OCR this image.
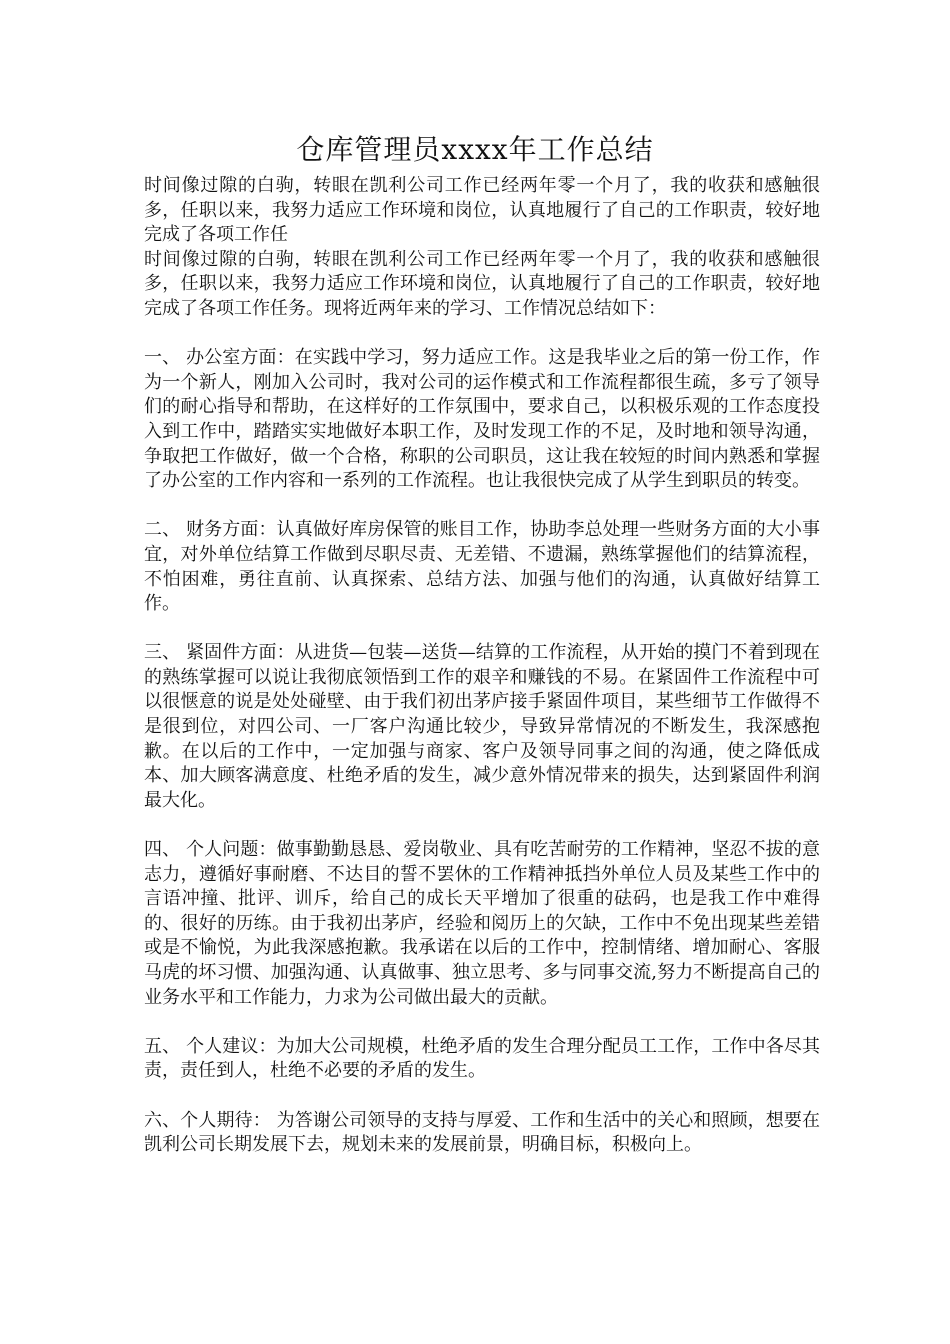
仓库管理员xxxx年工作总结

时间像过隙的白驹，转眼在凯利公司工作已经两年零一个月了，我的收获和感触很多，任职以来，我努力适应工作环境和岗位，认真地履行了自己的工作职责，较好地完成了各项工作任

时间像过隙的白驹，转眼在凯利公司工作已经两年零一个月了，我的收获和感触很多，任职以来，我努力适应工作环境和岗位，认真地履行了自己的工作职责，较好地完成了各项工作任务。现将近两年来的学习、工作情况总结如下：

一、 办公室方面：在实践中学习，努力适应工作。这是我毕业之后的第一份工作，作为一个新人，刚加入公司时，我对公司的运作模式和工作流程都很生疏，多亏了领导们的耐心指导和帮助，在这样好的工作氛围中，要求自己，以积极乐观的工作态度投入到工作中，踏踏实实地做好本职工作，及时发现工作的不足，及时地和领导沟通，争取把工作做好，做一个合格，称职的公司职员，这让我在较短的时间内熟悉和掌握了办公室的工作内容和一系列的工作流程。也让我很快完成了从学生到职员的转变。

二、 财务方面：认真做好库房保管的账目工作，协助李总处理一些财务方面的大小事宜，对外单位结算工作做到尽职尽责、无差错、不遗漏，熟练掌握他们的结算流程，不怕困难，勇往直前、认真探索、总结方法、加强与他们的沟通，认真做好结算工作。

三、 紧固件方面：从进货—包装—送货—结算的工作流程，从开始的摸门不着到现在的熟练掌握可以说让我彻底领悟到工作的艰辛和赚钱的不易。在紧固件工作流程中可以很惬意的说是处处碰壁、由于我们初出茅庐接手紧固件项目，某些细节工作做得不是很到位，对四公司、一厂客户沟通比较少，导致异常情况的不断发生，我深感抱歉。在以后的工作中，一定加强与商家、客户及领导同事之间的沟通，使之降低成本、加大顾客满意度、杜绝矛盾的发生，减少意外情况带来的损失，达到紧固件利润最大化。

四、 个人问题：做事勤勤恳恳、爱岗敬业、具有吃苦耐劳的工作精神，坚忍不拔的意志力，遵循好事耐磨、不达目的誓不罢休的工作精神抵挡外单位人员及某些工作中的言语冲撞、批评、训斥，给自己的成长天平增加了很重的砝码，也是我工作中难得的、很好的历练。由于我初出茅庐，经验和阅历上的欠缺，工作中不免出现某些差错或是不愉悦，为此我深感抱歉。我承诺在以后的工作中，控制情绪、增加耐心、客服马虎的坏习惯、加强沟通、认真做事、独立思考、多与同事交流,努力不断提高自己的业务水平和工作能力，力求为公司做出最大的贡献。

五、 个人建议：为加大公司规模，杜绝矛盾的发生合理分配员工工作，工作中各尽其责，责任到人，杜绝不必要的矛盾的发生。

六、个人期待： 为答谢公司领导的支持与厚爱、工作和生活中的关心和照顾，想要在凯利公司长期发展下去，规划未来的发展前景，明确目标，积极向上。
